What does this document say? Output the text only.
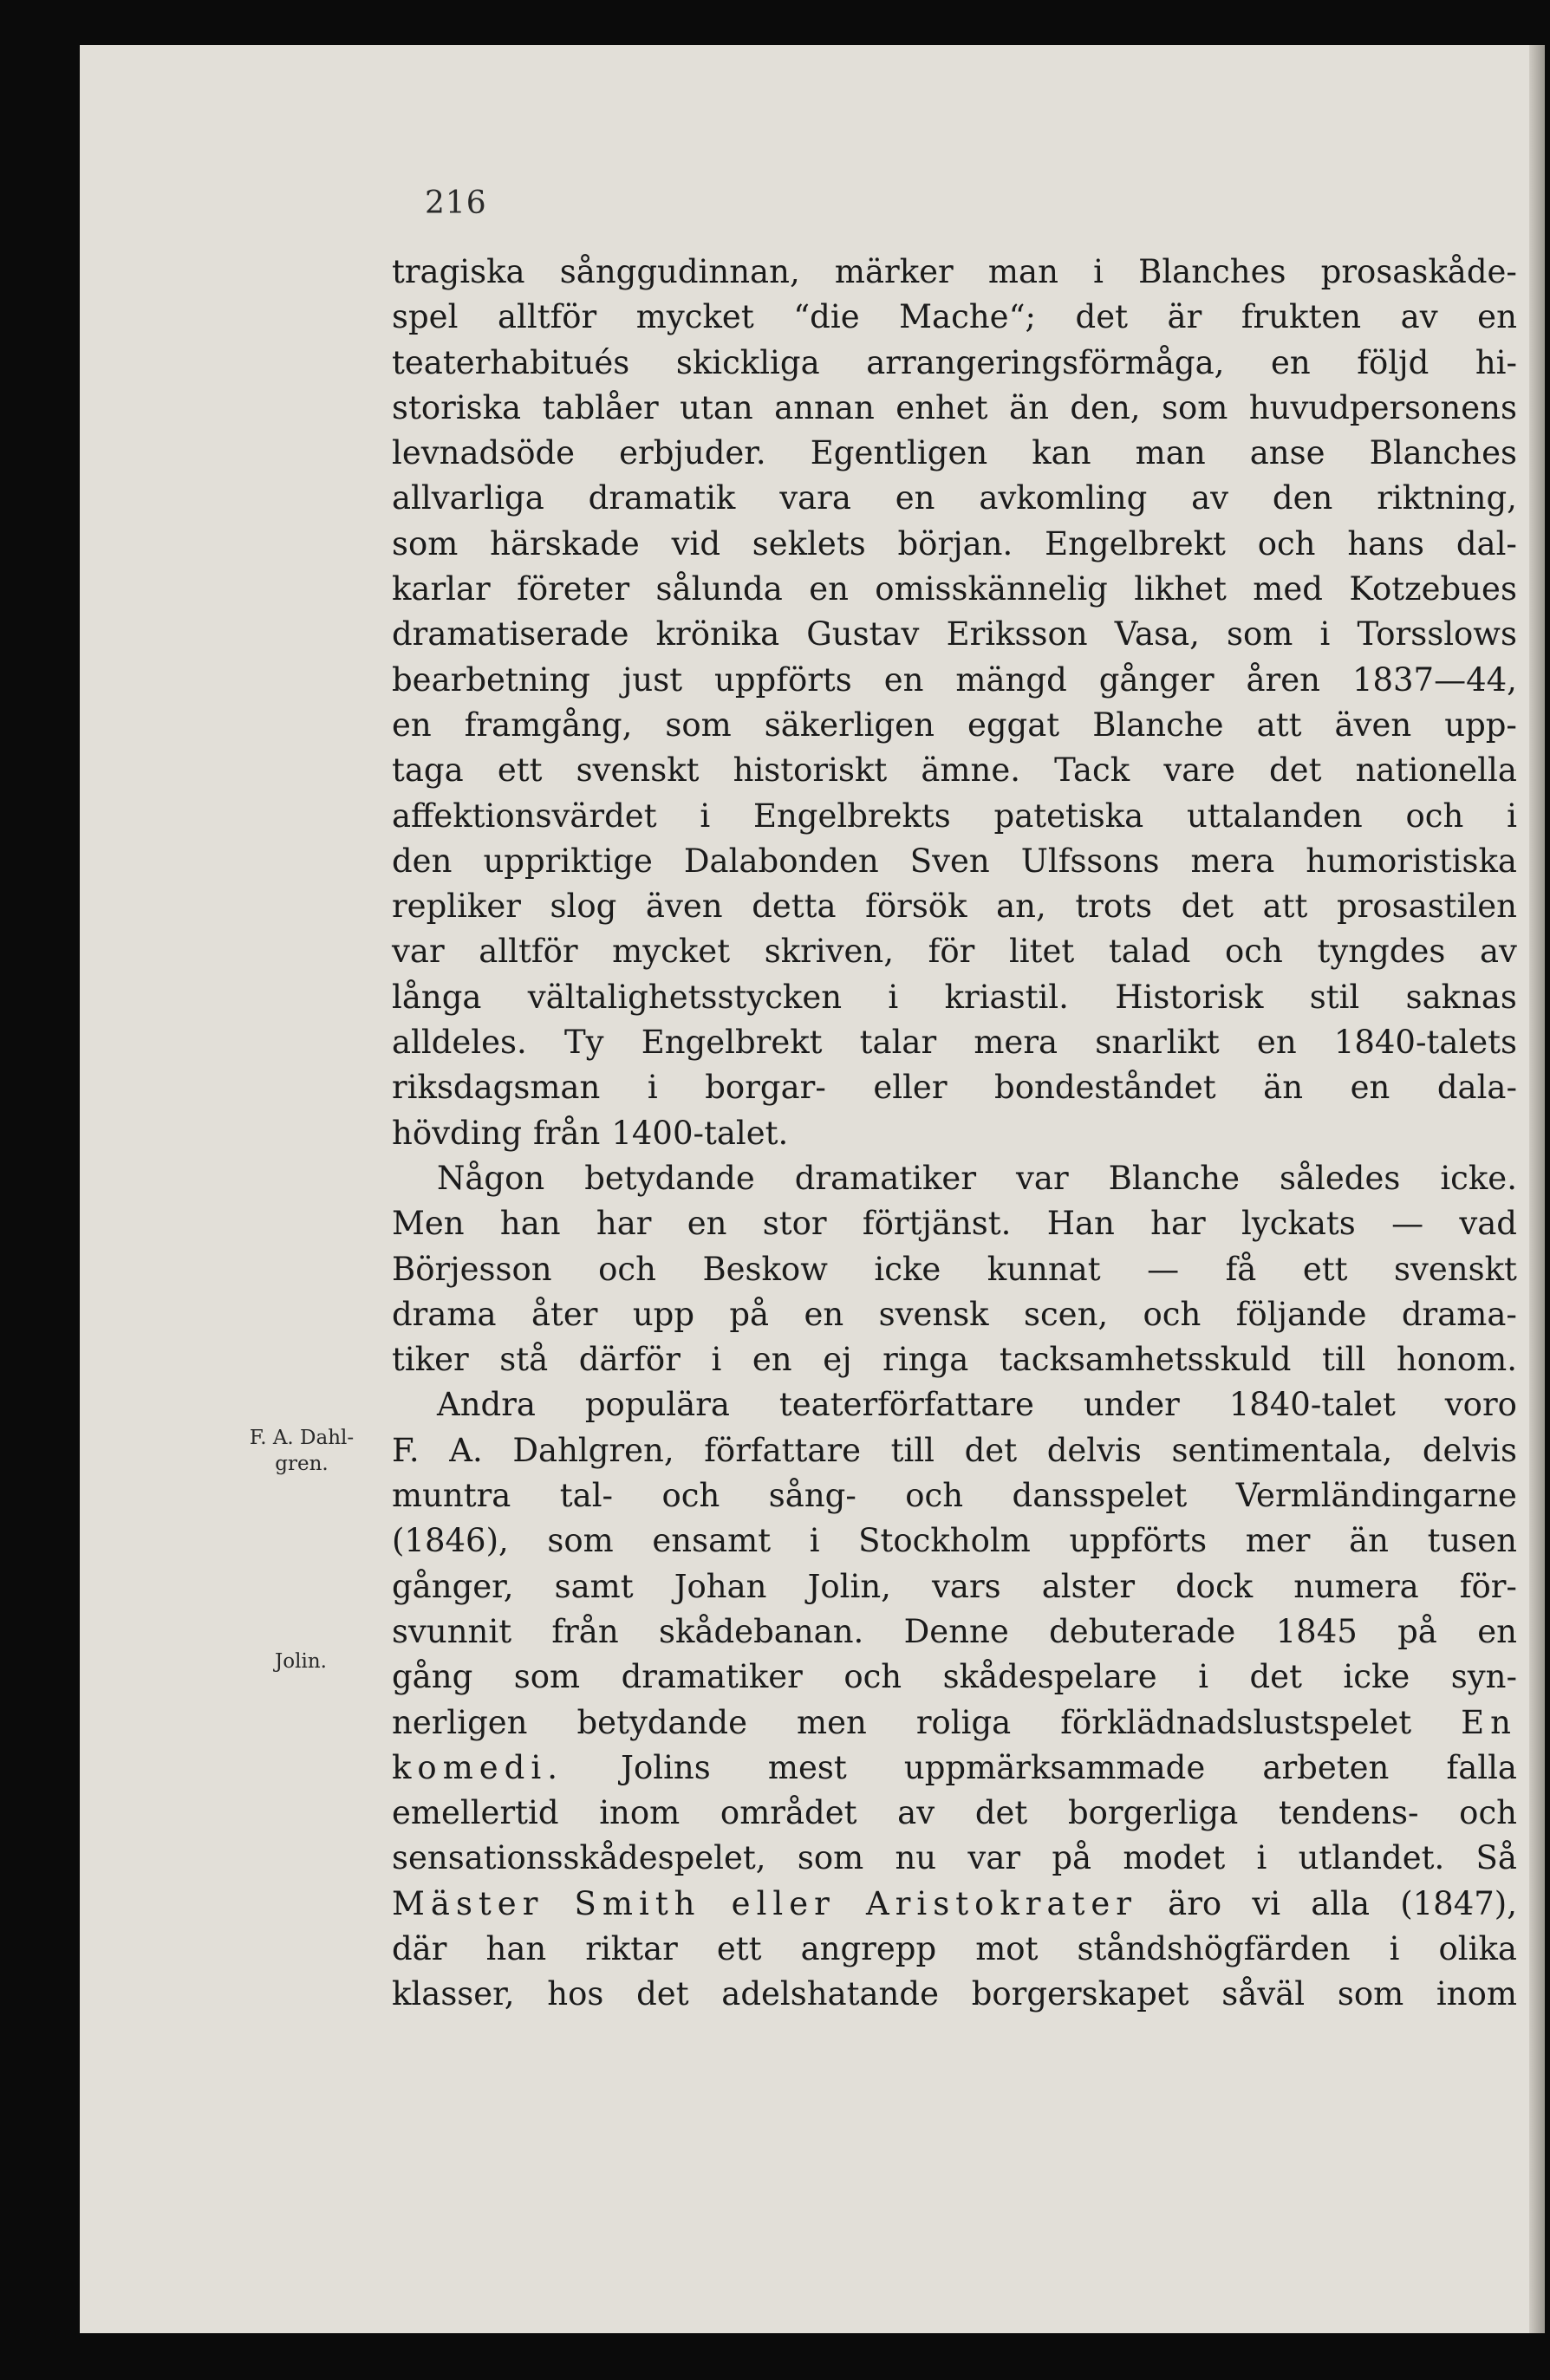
216
F. A. Dahl-
gren.
Jolin.
tragiska sånggudinnan, märker man i Blanches prosaskåde-
spel alltför mycket “die Mache“; det är frukten av en
teaterhabitués skickliga arrangeringsförmåga, en följd hi-
storiska tablåer utan annan enhet än den, som huvudpersonens
levnadsöde erbjuder. Egentligen kan man anse Blanches
allvarliga dramatik vara en avkomling av den riktning,
som härskade vid seklets början. Engelbrekt och hans dal-
karlar företer sålunda en omisskännelig likhet med Kotzebues
dramatiserade krönika Gustav Eriksson Vasa, som i Torsslows
bearbetning just uppförts en mängd gånger åren 1837—44,
en framgång, som säkerligen eggat Blanche att även upp-
taga ett svenskt historiskt ämne. Tack vare det nationella
affektionsvärdet i Engelbrekts patetiska uttalanden och i
den uppriktige Dalabonden Sven Ulfssons mera humoristiska
repliker slog även detta försök an, trots det att prosastilen
var alltför mycket skriven, för litet talad och tyngdes av
långa vältalighetsstycken i kriastil. Historisk stil saknas
alldeles. Ty Engelbrekt talar mera snarlikt en 1840-talets
riksdagsman i borgar- eller bondeståndet än en dala-
hövding från 1400-talet.
Någon betydande dramatiker var Blanche således icke.
Men han har en stor förtjänst. Han har lyckats — vad
Börjesson och Beskow icke kunnat — få ett svenskt
drama åter upp på en svensk scen, och följande drama-
tiker stå därför i en ej ringa tacksamhetsskuld till honom.
Andra populära teaterförfattare under 1840-talet voro
F. A. Dahlgren, författare till det delvis sentimentala, delvis
muntra tal- och sång- och dansspelet Vermländingarne
(1846), som ensamt i Stockholm uppförts mer än tusen
gånger, samt Johan Jolin, vars alster dock numera för-
svunnit från skådebanan. Denne debuterade 1845 på en
gång som dramatiker och skådespelare i det icke syn-
nerligen betydande men roliga förklädnadslustspelet En
komedi. Jolins mest uppmärksammade arbeten falla
emellertid inom området av det borgerliga tendens- och
sensationsskådespelet, som nu var på modet i utlandet. Så
Mäster Smith eller Aristokrater äro vi alla (1847),
där han riktar ett angrepp mot ståndshögfärden i olika
klasser, hos det adelshatande borgerskapet såväl som inom
